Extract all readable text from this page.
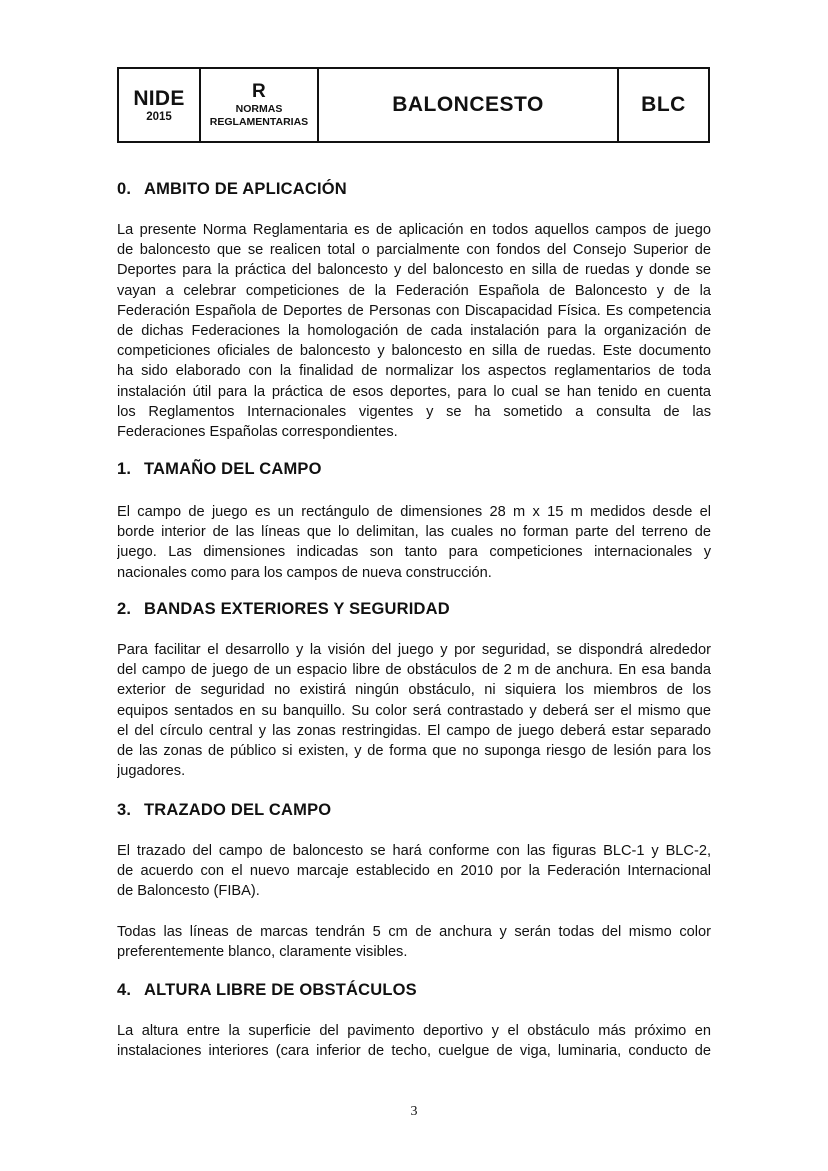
NIDE
2015
R
NORMAS
REGLAMENTARIAS
BALONCESTO	BLC
0. AMBITO DE APLICACIÓN
La presente Norma Reglamentaria es de aplicación en todos aquellos campos de juego
de baloncesto que se realicen total o parcialmente con fondos del Consejo Superior de
Deportes para la práctica del baloncesto y del baloncesto en silla de ruedas y donde se
vayan a celebrar competiciones de la Federación Española de Baloncesto y de la
Federación Española de Deportes de Personas con Discapacidad Física. Es competencia
de dichas Federaciones la homologación de cada instalación para la organización de
competiciones oficiales de baloncesto y baloncesto en silla de ruedas. Este documento
ha sido elaborado con la finalidad de normalizar los aspectos reglamentarios de toda
instalación útil para la práctica de esos deportes, para lo cual se han tenido en cuenta
los Reglamentos Internacionales vigentes y se ha sometido a consulta de las
Federaciones Españolas correspondientes.
1. TAMAÑO DEL CAMPO
El campo de juego es un rectángulo de dimensiones 28 m x 15 m medidos desde el
borde interior de las líneas que lo delimitan, las cuales no forman parte del terreno de
juego. Las dimensiones indicadas son tanto para competiciones internacionales y
nacionales como para los campos de nueva construcción.
2. BANDAS EXTERIORES Y SEGURIDAD
Para facilitar el desarrollo y la visión del juego y por seguridad, se dispondrá alrededor
del campo de juego de un espacio libre de obstáculos de 2 m de anchura. En esa banda
exterior de seguridad no existirá ningún obstáculo, ni siquiera los miembros de los
equipos sentados en su banquillo. Su color será contrastado y deberá ser el mismo que
el del círculo central y las zonas restringidas. El campo de juego deberá estar separado
de las zonas de público si existen, y de forma que no suponga riesgo de lesión para los
jugadores.
3. TRAZADO DEL CAMPO
El trazado del campo de baloncesto se hará conforme con las figuras BLC-1 y BLC-2,
de acuerdo con el nuevo marcaje establecido en 2010 por la Federación Internacional
de Baloncesto (FIBA).
Todas las líneas de marcas tendrán 5 cm de anchura y serán todas del mismo color
preferentemente blanco, claramente visibles.
4. ALTURA LIBRE DE OBSTÁCULOS
La altura entre la superficie del pavimento deportivo y el obstáculo más próximo en
instalaciones interiores (cara inferior de techo, cuelgue de viga, luminaria, conducto de
3
